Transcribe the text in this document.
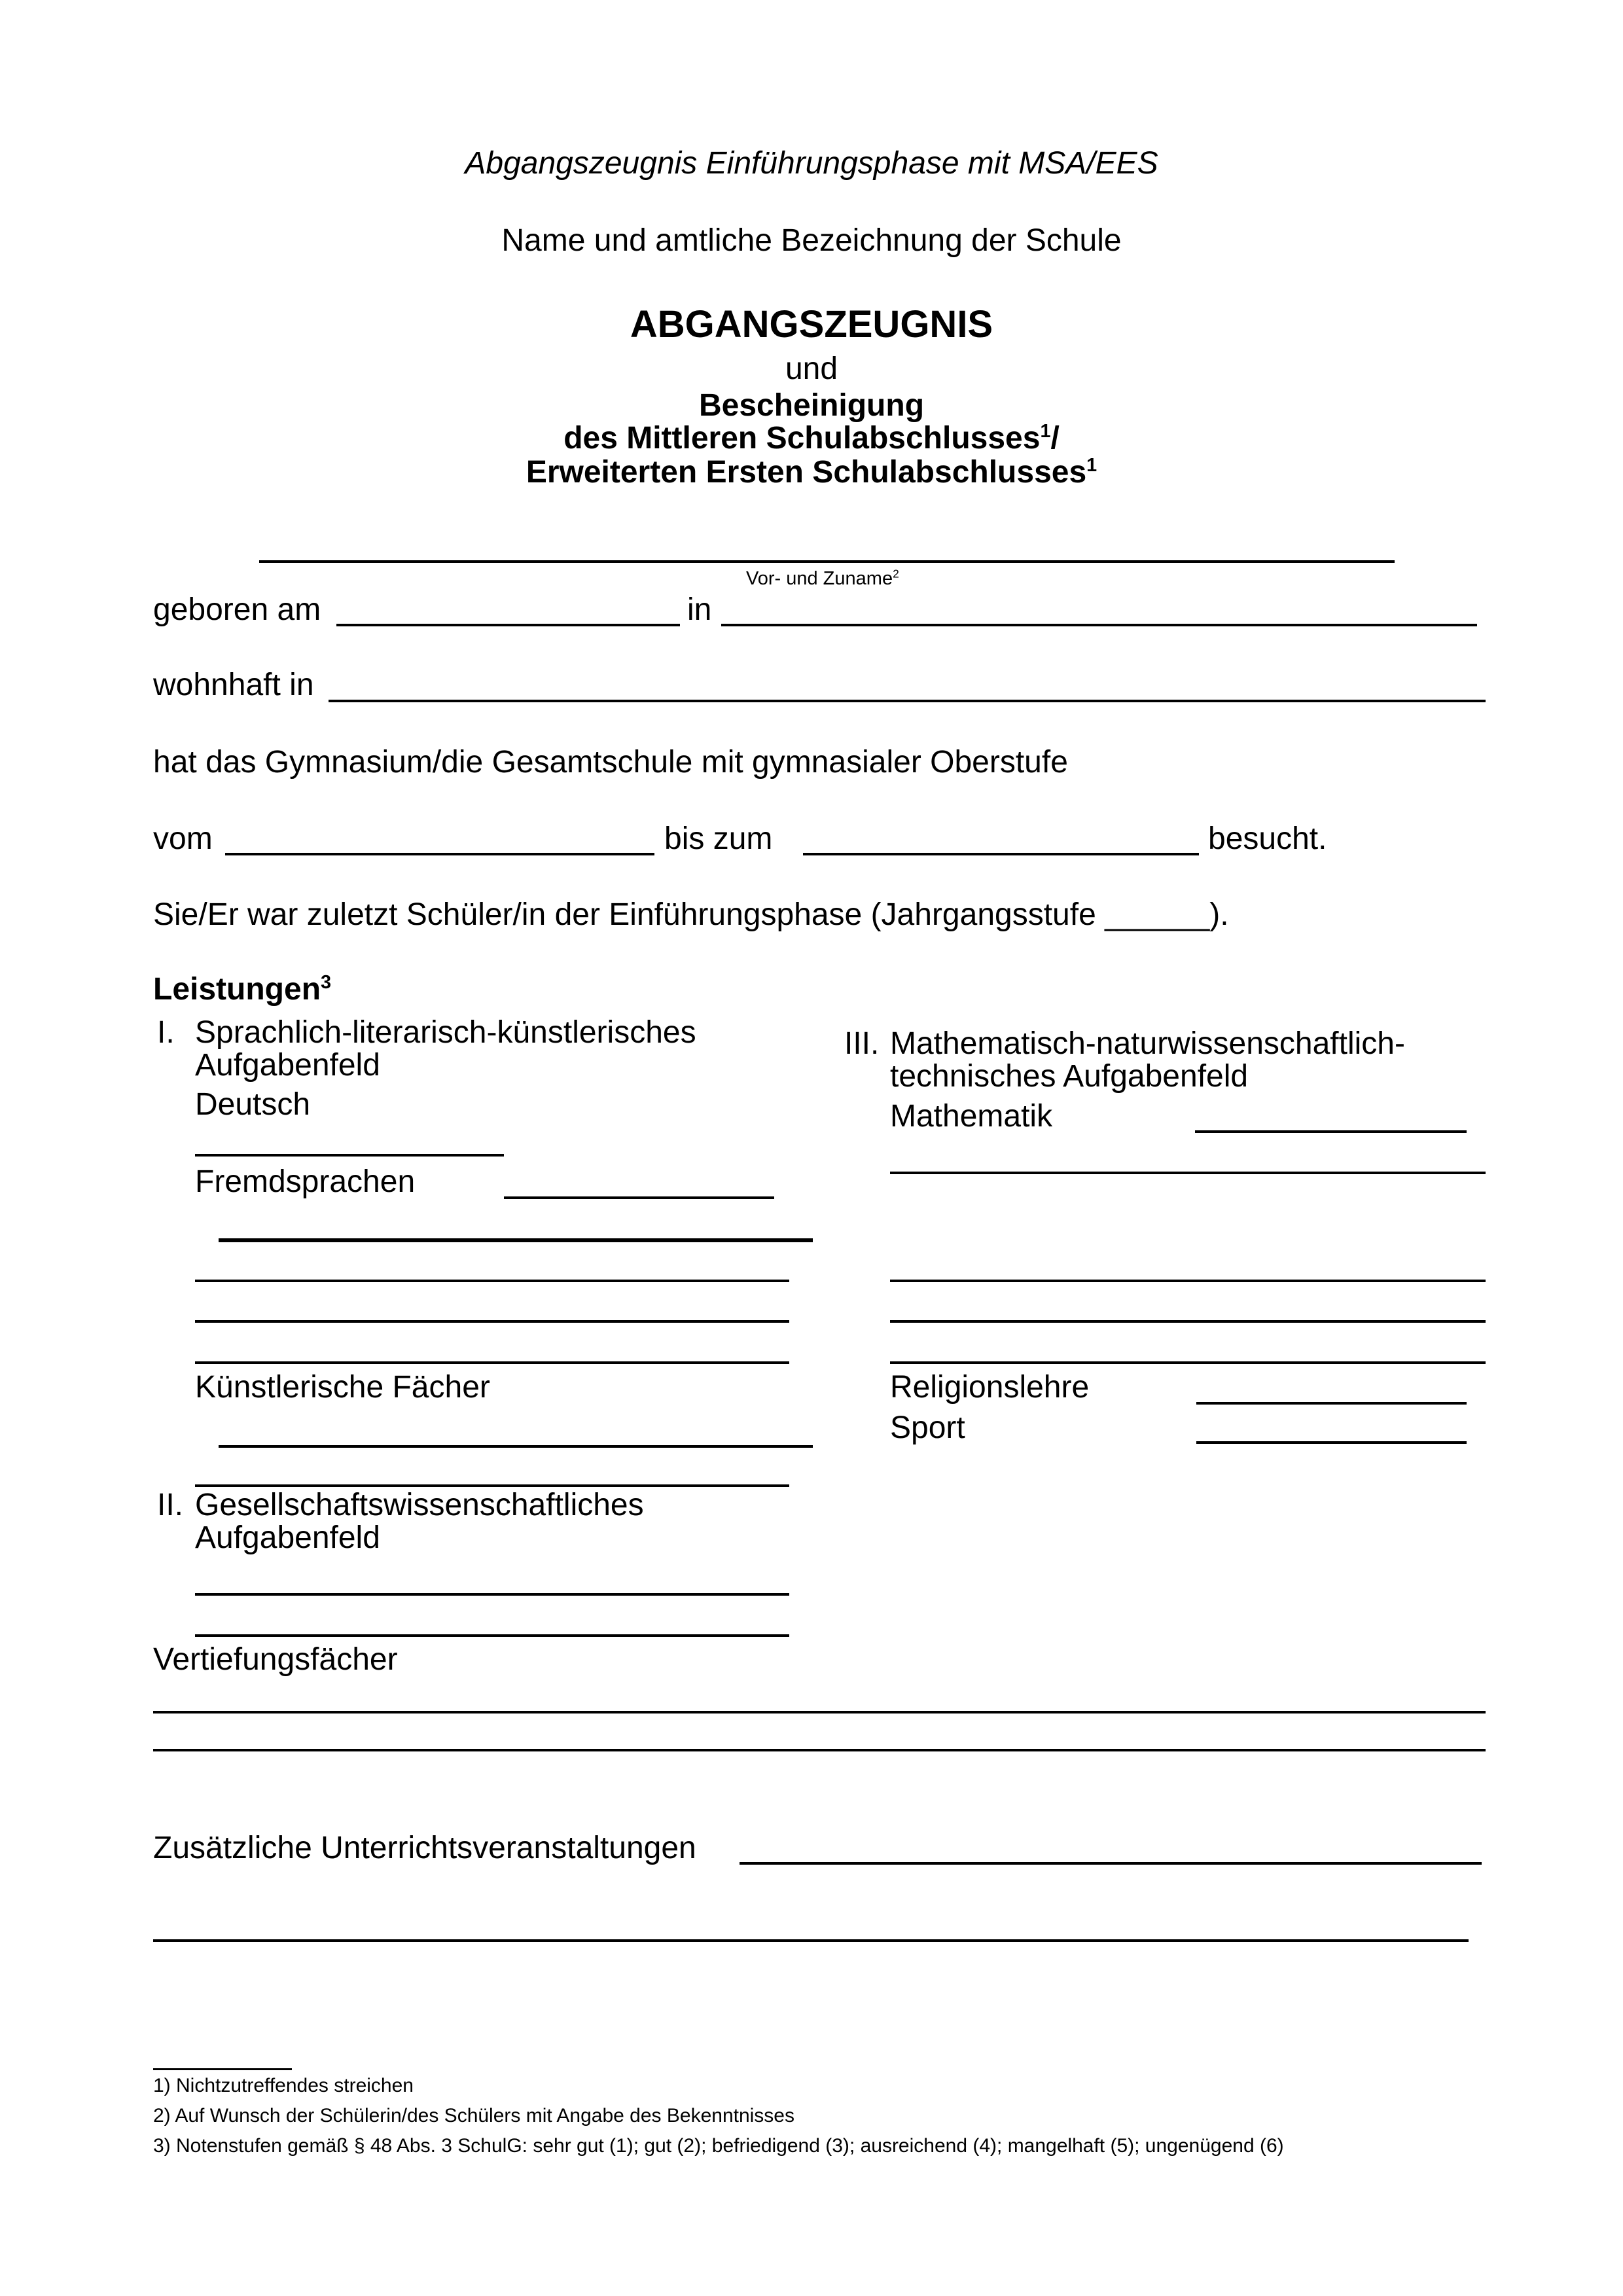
Abgangszeugnis Einführungsphase mit MSA/EES
Name und amtliche Bezeichnung der Schule
ABGANGSZEUGNIS
und
Bescheinigung
des Mittleren Schulabschlusses$^1$/
Erweiterten Ersten Schulabschlusses$^1$
Vor- und Zuname$^2$
geboren am	in
wohnhaft in
hat das Gymnasium/die Gesamtschule mit gymnasialer Oberstufe
vom	bis zum	besucht.
Sie/Er war zuletzt Schüler/in der Einführungsphase (Jahrgangsstufe ______).
Leistungen$^3$
I. Sprachlich-literarisch-künstlerisches
Aufgabenfeld
Deutsch
Fremdsprachen
Künstlerische Fächer
II. Gesellschaftswissenschaftliches
Aufgabenfeld
III. Mathematisch-naturwissenschaftlich-
technisches Aufgabenfeld
Mathematik
Religionslehre
Sport
Vertiefungsfächer
Zusätzliche Unterrichtsveranstaltungen
1) Nichtzutreffendes streichen
2) Auf Wunsch der Schülerin/des Schülers mit Angabe des Bekenntnisses
3) Notenstufen gemäß § 48 Abs. 3 SchulG: sehr gut (1); gut (2); befriedigend (3); ausreichend (4); mangelhaft (5); ungenügend (6)
